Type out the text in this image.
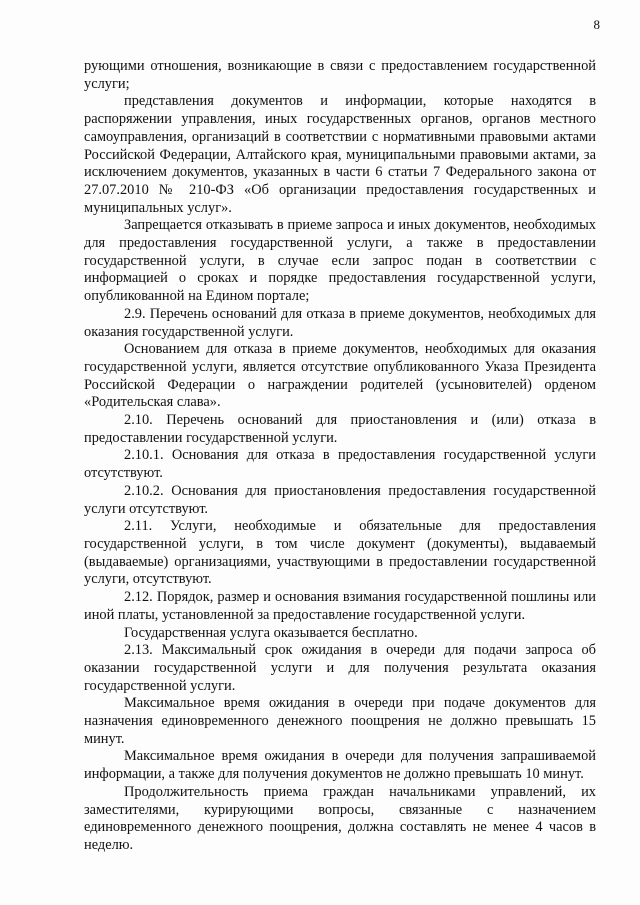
8

рующими отношения, возникающие в связи с предоставлением государственной услуги;

представления документов и информации, которые находятся в распоряжении управления, иных государственных органов, органов местного самоуправления, организаций в соответствии с нормативными правовыми актами Российской Федерации, Алтайского края, муниципальными правовыми актами, за исключением документов, указанных в части 6 статьи 7 Федерального закона от 27.07.2010 № 210-ФЗ «Об организации предоставления государственных и муниципальных услуг».

Запрещается отказывать в приеме запроса и иных документов, необходимых для предоставления государственной услуги, а также в предоставлении государственной услуги, в случае если запрос подан в соответствии с информацией о сроках и порядке предоставления государственной услуги, опубликованной на Едином портале;

2.9. Перечень оснований для отказа в приеме документов, необходимых для оказания государственной услуги.

Основанием для отказа в приеме документов, необходимых для оказания государственной услуги, является отсутствие опубликованного Указа Президента Российской Федерации о награждении родителей (усыновителей) орденом «Родительская слава».

2.10. Перечень оснований для приостановления и (или) отказа в предоставлении государственной услуги.

2.10.1. Основания для отказа в предоставления государственной услуги отсутствуют.

2.10.2. Основания для приостановления предоставления государственной услуги отсутствуют.

2.11. Услуги, необходимые и обязательные для предоставления государственной услуги, в том числе документ (документы), выдаваемый (выдаваемые) организациями, участвующими в предоставлении государственной услуги, отсутствуют.

2.12. Порядок, размер и основания взимания государственной пошлины или иной платы, установленной за предоставление государственной услуги.

Государственная услуга оказывается бесплатно.

2.13. Максимальный срок ожидания в очереди для подачи запроса об оказании государственной услуги и для получения результата оказания государственной услуги.

Максимальное время ожидания в очереди при подаче документов для назначения единовременного денежного поощрения не должно превышать 15 минут.

Максимальное время ожидания в очереди для получения запрашиваемой информации, а также для получения документов не должно превышать 10 минут.

Продолжительность приема граждан начальниками управлений, их заместителями, курирующими вопросы, связанные с назначением единовременного денежного поощрения, должна составлять не менее 4 часов в неделю.
